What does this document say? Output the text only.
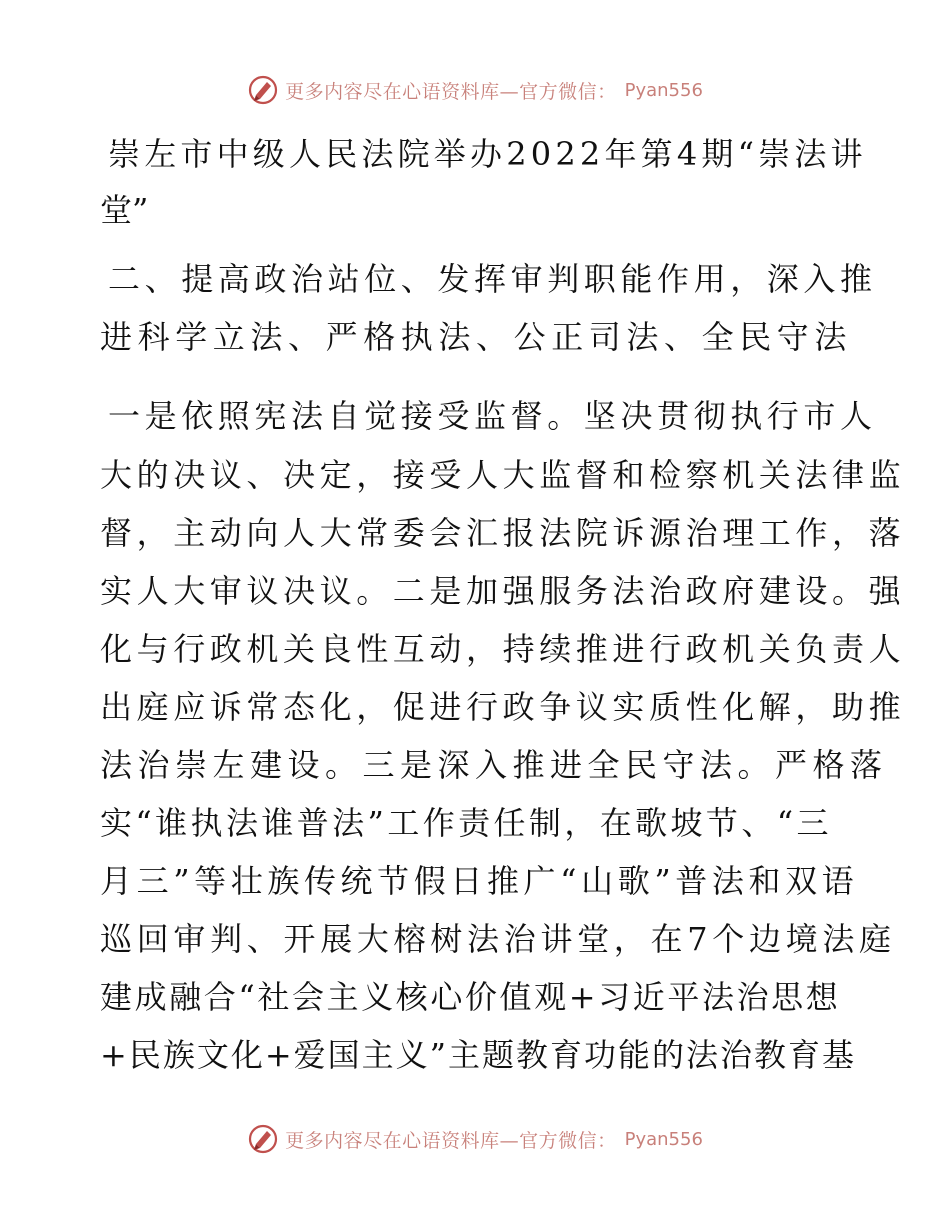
更多内容尽在心语资料库—官方微信： Pyan556
崇左市中级人民法院举办2022年第4期“崇法讲
堂”
二、提高政治站位、发挥审判职能作用，深入推
进科学立法、严格执法、公正司法、全民守法
一是依照宪法自觉接受监督。坚决贯彻执行市人
大的决议、决定，接受人大监督和检察机关法律监
督，主动向人大常委会汇报法院诉源治理工作，落
实人大审议决议。二是加强服务法治政府建设。强
化与行政机关良性互动，持续推进行政机关负责人
出庭应诉常态化，促进行政争议实质性化解，助推
法治崇左建设。三是深入推进全民守法。严格落
实“谁执法谁普法”工作责任制，在歌坡节、“三
月三”等壮族传统节假日推广“山歌”普法和双语
巡回审判、开展大榕树法治讲堂，在7个边境法庭
建成融合“社会主义核心价值观+习近平法治思想
+民族文化+爱国主义”主题教育功能的法治教育基
更多内容尽在心语资料库—官方微信： Pyan556
